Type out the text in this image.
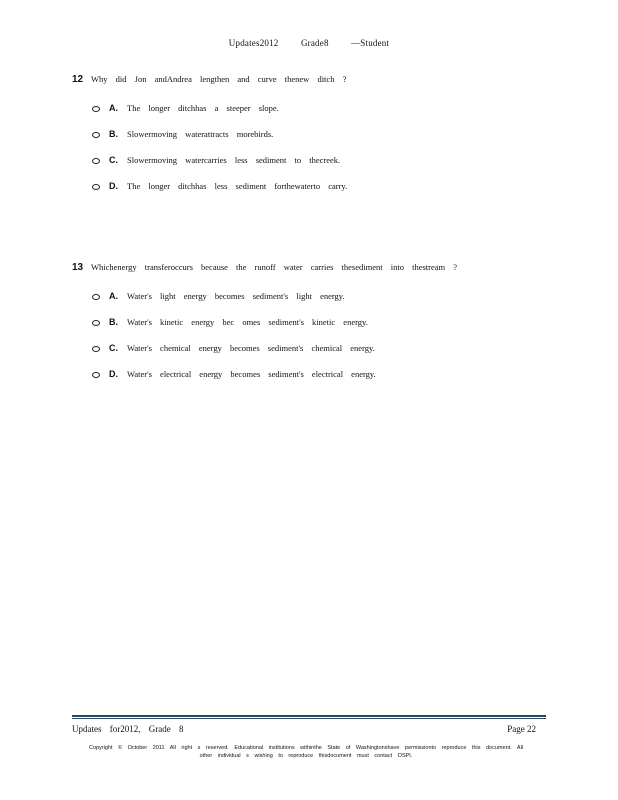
Updates2012 Grade8 —Student
12 Why did Jon andAndrea lengthen and curve thenew ditch ?
A. The longer ditchhas a steeper slope.
B. Slowermoving waterattracts morebirds.
C. Slowermoving watercarries less sediment to thecreek.
D. The longer ditchhas less sediment forthewaterto carry.
13 Whichenergy transferoccurs because the runoff water carries thesediment into thestream ?
A. Water's light energy becomes sediment's light energy.
B. Water's kinetic energy bec omes sediment's kinetic energy.
C. Water's chemical energy becomes sediment's chemical energy.
D. Water's electrical energy becomes sediment's electrical energy.
Updates for2012, Grade 8	Page 22
Copyright © October 2011 All right s reserved. Educational institutions withinthe State of Washingtonshave permissionto reproduce this document. All other individual s wishing to reproduce thisdocument must contact OSPI.
